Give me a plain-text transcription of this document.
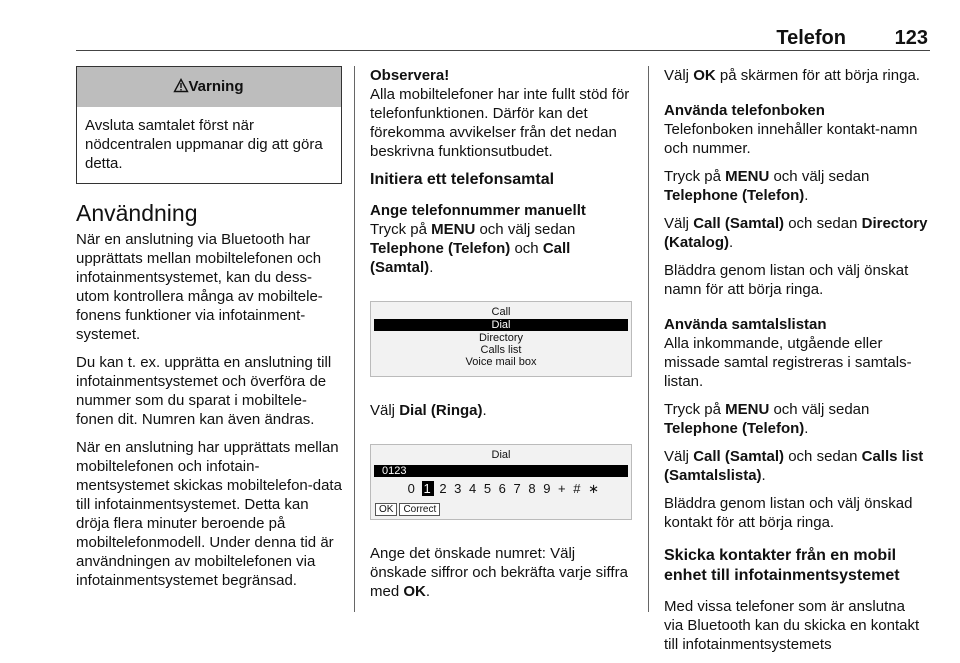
Telefon 123
Varning
Avsluta samtalet först när nödcentralen uppmanar dig att göra detta.
Användning

När en anslutning via Bluetooth har upprättats mellan mobiltelefonen och infotainmentsystemet, kan du dess-utom kontrollera många av mobiltele-fonens funktioner via infotainment-systemet.

Du kan t. ex. upprätta en anslutning till infotainmentsystemet och överföra de nummer som du sparat i mobiltele-fonen dit. Numren kan även ändras.

När en anslutning har upprättats mellan mobiltelefonen och infotain-mentsystemet skickas mobiltelefon-data till infotainmentsystemet. Detta kan dröja flera minuter beroende på mobiltelefonmodell. Under denna tid är användningen av mobiltelefonen via infotainmentsystemet begränsad.

Observera!
Alla mobiltelefoner har inte fullt stöd för telefonfunktionen. Därför kan det förekomma avvikelser från det nedan beskrivna funktionsutbudet.

Initiera ett telefonsamtal

Ange telefonnummer manuellt
Tryck på MENU och välj sedan Telephone (Telefon) och Call (Samtal).

Call
Dial
Directory
Calls list
Voice mail box

Välj Dial (Ringa).

Dial
0123
0 1 2 3 4 5 6 7 8 9 + # ∗
OK	Correct

Ange det önskade numret: Välj önskade siffror och bekräfta varje siffra med OK.

Välj OK på skärmen för att börja ringa.

Använda telefonboken
Telefonboken innehåller kontakt-namn och nummer.

Tryck på MENU och välj sedan Telephone (Telefon).

Välj Call (Samtal) och sedan Directory (Katalog).

Bläddra genom listan och välj önskat namn för att börja ringa.

Använda samtalslistan
Alla inkommande, utgående eller missade samtal registreras i samtals-listan.

Tryck på MENU och välj sedan Telephone (Telefon).

Välj Call (Samtal) och sedan Calls list (Samtalslista).

Bläddra genom listan och välj önskad kontakt för att börja ringa.

Skicka kontakter från en mobil enhet till infotainmentsystemet

Med vissa telefoner som är anslutna via Bluetooth kan du skicka en kontakt till infotainmentsystemets
